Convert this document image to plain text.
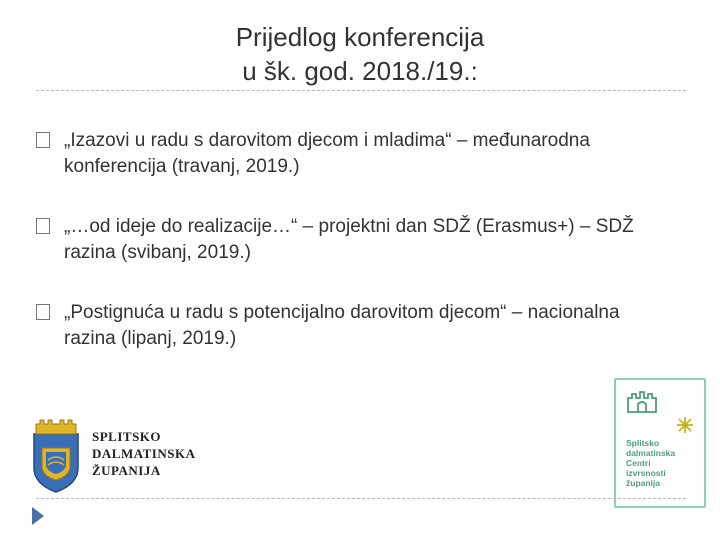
Prijedlog konferencija
u šk. god. 2018./19.:
„Izazovi u radu s darovitom djecom i mladima“ – međunarodna
konferencija (travanj, 2019.)
„…od ideje do realizacije…“ – projektni dan SDŽ (Erasmus+) – SDŽ
razina (svibanj, 2019.)
„Postignuća u radu s potencijalno darovitom djecom“ – nacionalna
razina (lipanj, 2019.)
SPLITSKO
DALMATINSKA
ŽUPANIJA
Splitsko
dalmatinska
Centri
izvrsnosti
županija
